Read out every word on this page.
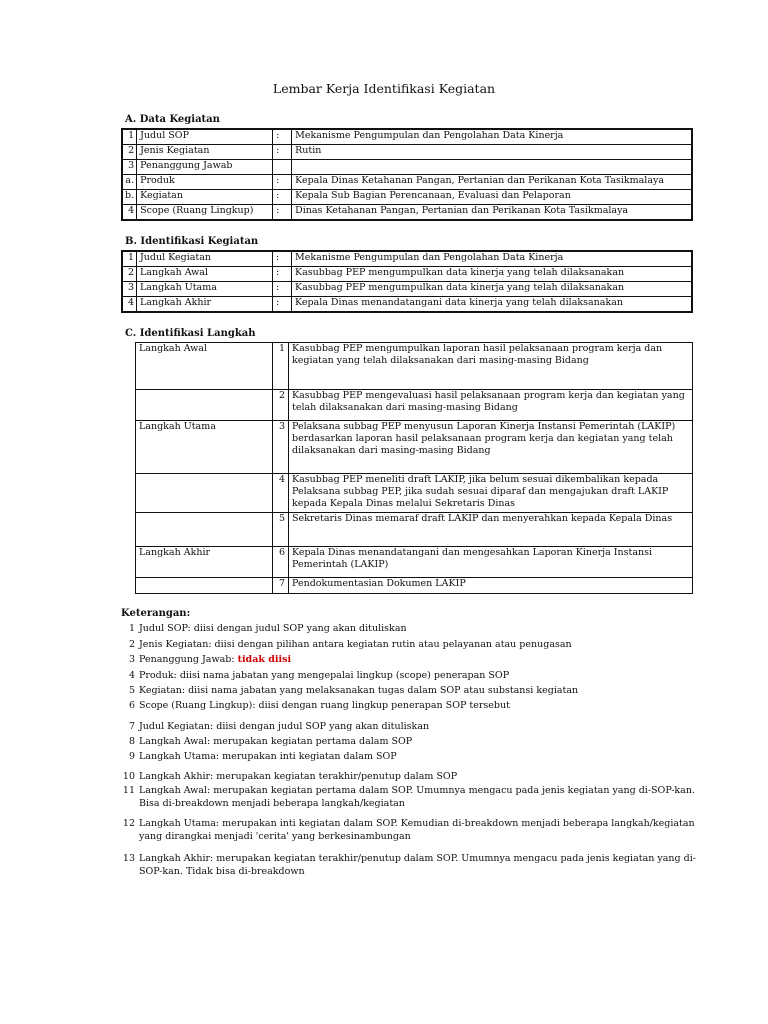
Lembar Kerja Identifikasi Kegiatan
A. Data Kegiatan
1	Judul SOP	:	Mekanisme Pengumpulan dan Pengolahan Data Kinerja
2	Jenis Kegiatan	:	Rutin
3	Penanggung Jawab		
a.	Produk	:	Kepala Dinas Ketahanan Pangan, Pertanian dan Perikanan Kota Tasikmalaya
b.	Kegiatan	:	Kepala Sub Bagian Perencanaan, Evaluasi dan Pelaporan
4	Scope (Ruang Lingkup)	:	Dinas Ketahanan Pangan, Pertanian dan Perikanan Kota Tasikmalaya
B. Identifikasi Kegiatan
1	Judul Kegiatan	:	Mekanisme Pengumpulan dan Pengolahan Data Kinerja
2	Langkah Awal	:	Kasubbag PEP mengumpulkan data kinerja yang telah dilaksanakan
3	Langkah Utama	:	Kasubbag PEP mengumpulkan data kinerja yang telah dilaksanakan
4	Langkah Akhir	:	Kepala Dinas menandatangani data kinerja yang telah dilaksanakan
C. Identifikasi Langkah
Langkah Awal	1	Kasubbag PEP mengumpulkan laporan hasil pelaksanaan program kerja dan kegiatan yang telah dilaksanakan dari masing-masing Bidang
	2	Kasubbag PEP mengevaluasi hasil pelaksanaan program kerja dan kegiatan yang telah dilaksanakan dari masing-masing Bidang
Langkah Utama	3	Pelaksana subbag PEP menyusun Laporan Kinerja Instansi Pemerintah (LAKIP) berdasarkan laporan hasil pelaksanaan program kerja dan kegiatan yang telah dilaksanakan dari masing-masing Bidang
	4	Kasubbag PEP meneliti draft LAKIP, jika belum sesuai dikembalikan kepada Pelaksana subbag PEP, jika sudah sesuai diparaf dan mengajukan draft LAKIP kepada Kepala Dinas melalui Sekretaris Dinas
	5	Sekretaris Dinas memaraf draft LAKIP dan menyerahkan kepada Kepala Dinas
Langkah Akhir	6	Kepala Dinas menandatangani dan mengesahkan Laporan Kinerja Instansi Pemerintah (LAKIP)
	7	Pendokumentasian Dokumen LAKIP
Keterangan:
1 Judul SOP: diisi dengan judul SOP yang akan dituliskan
2 Jenis Kegiatan: diisi dengan pilihan antara kegiatan rutin atau pelayanan atau penugasan
3 Penanggung Jawab: tidak diisi
4 Produk: diisi nama jabatan yang mengepalai lingkup (scope) penerapan SOP
5 Kegiatan: diisi nama jabatan yang melaksanakan tugas dalam SOP atau substansi kegiatan
6 Scope (Ruang Lingkup): diisi dengan ruang lingkup penerapan SOP tersebut
7 Judul Kegiatan: diisi dengan judul SOP yang akan dituliskan
8 Langkah Awal: merupakan kegiatan pertama dalam SOP
9 Langkah Utama: merupakan inti kegiatan dalam SOP
10 Langkah Akhir: merupakan kegiatan terakhir/penutup dalam SOP
11 Langkah Awal: merupakan kegiatan pertama dalam SOP. Umumnya mengacu pada jenis kegiatan yang di-SOP-kan. Bisa di-breakdown menjadi beberapa langkah/kegiatan
12 Langkah Utama: merupakan inti kegiatan dalam SOP. Kemudian di-breakdown menjadi beberapa langkah/kegiatan yang dirangkai menjadi 'cerita' yang berkesinambungan
13 Langkah Akhir: merupakan kegiatan terakhir/penutup dalam SOP. Umumnya mengacu pada jenis kegiatan yang di-SOP-kan. Tidak bisa di-breakdown
